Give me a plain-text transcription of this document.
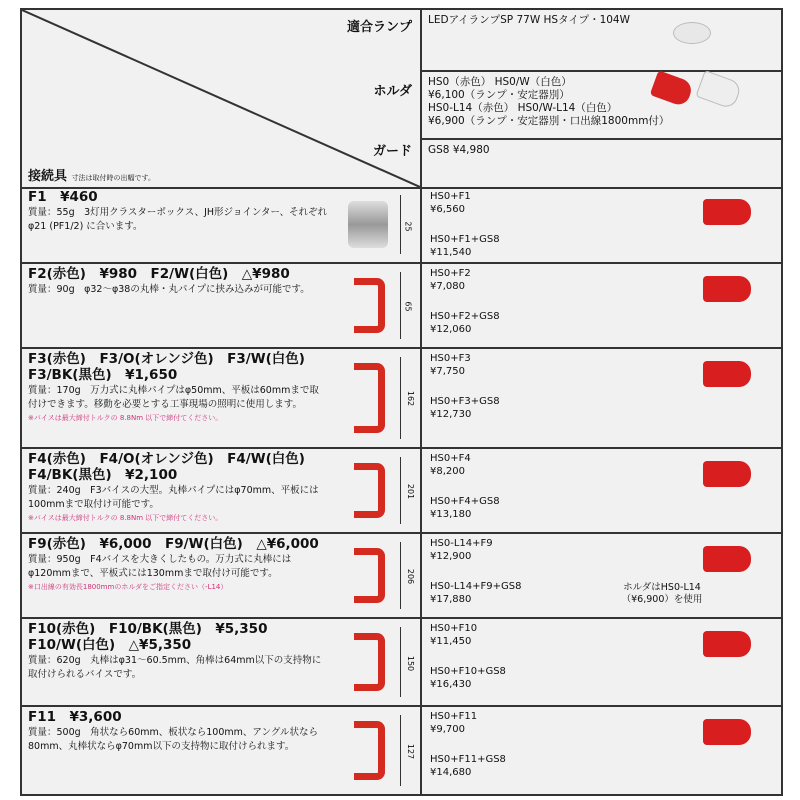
適合ランプ
ホルダ
ガード
接続具 寸法は取付時の出幅です。
LEDアイランプSP 77W HSタイプ・104W
HS0（赤色） HS0/W（白色）
¥6,100（ランプ・安定器別）
HS0-L14（赤色） HS0/W-L14（白色）
¥6,900（ランプ・安定器別・口出線1800mm付）
GS8 ¥4,980
F1　¥460
質量：55g　3灯用クラスターボックス、JH形ジョインター、それぞれφ21 (PF1/2) に合います。	25
HS0+F1
¥6,560
HS0+F1+GS8
¥11,540
F2(赤色)　¥980　F2/W(白色)　△¥980
質量：90g　φ32〜φ38の丸棒・丸パイプに挟み込みが可能です。
65
HS0+F2
¥7,080
HS0+F2+GS8
¥12,060
F3(赤色)　F3/O(オレンジ色)　F3/W(白色)　F3/BK(黒色)　¥1,650
質量：170g　万力式に丸棒パイプはφ50mm、平板は60mmまで取付けできます。移動を必要とする工事現場の照明に使用します。
※バイスは最大締付トルクの 8.8Nm 以下で締付てください。
162
HS0+F3
¥7,750
HS0+F3+GS8
¥12,730
F4(赤色)　F4/O(オレンジ色)　F4/W(白色)　F4/BK(黒色)　¥2,100
質量：240g　F3バイスの大型。丸棒パイプにはφ70mm、平板には100mmまで取付け可能です。
※バイスは最大締付トルクの 8.8Nm 以下で締付てください。
201
HS0+F4
¥8,200
HS0+F4+GS8
¥13,180
F9(赤色)　¥6,000　F9/W(白色)　△¥6,000
質量：950g　F4バイスを大きくしたもの。万力式に丸棒にはφ120mmまで、平板式には130mmまで取付け可能です。
※口出線の有効長1800mmのホルダをご指定ください（-L14）
206
HS0-L14+F9
¥12,900
HS0-L14+F9+GS8
¥17,880
ホルダはHS0-L14（¥6,900）を使用
F10(赤色)　F10/BK(黒色)　¥5,350　F10/W(白色)　△¥5,350
質量：620g　丸棒はφ31〜60.5mm、角棒は64mm以下の支持物に取付けられるバイスです。
150
HS0+F10
¥11,450
HS0+F10+GS8
¥16,430
F11　¥3,600
質量：500g　角状なら60mm、板状なら100mm、アングル状なら80mm、丸棒状ならφ70mm以下の支持物に取付けられます。	127
HS0+F11
¥9,700
HS0+F11+GS8
¥14,680
